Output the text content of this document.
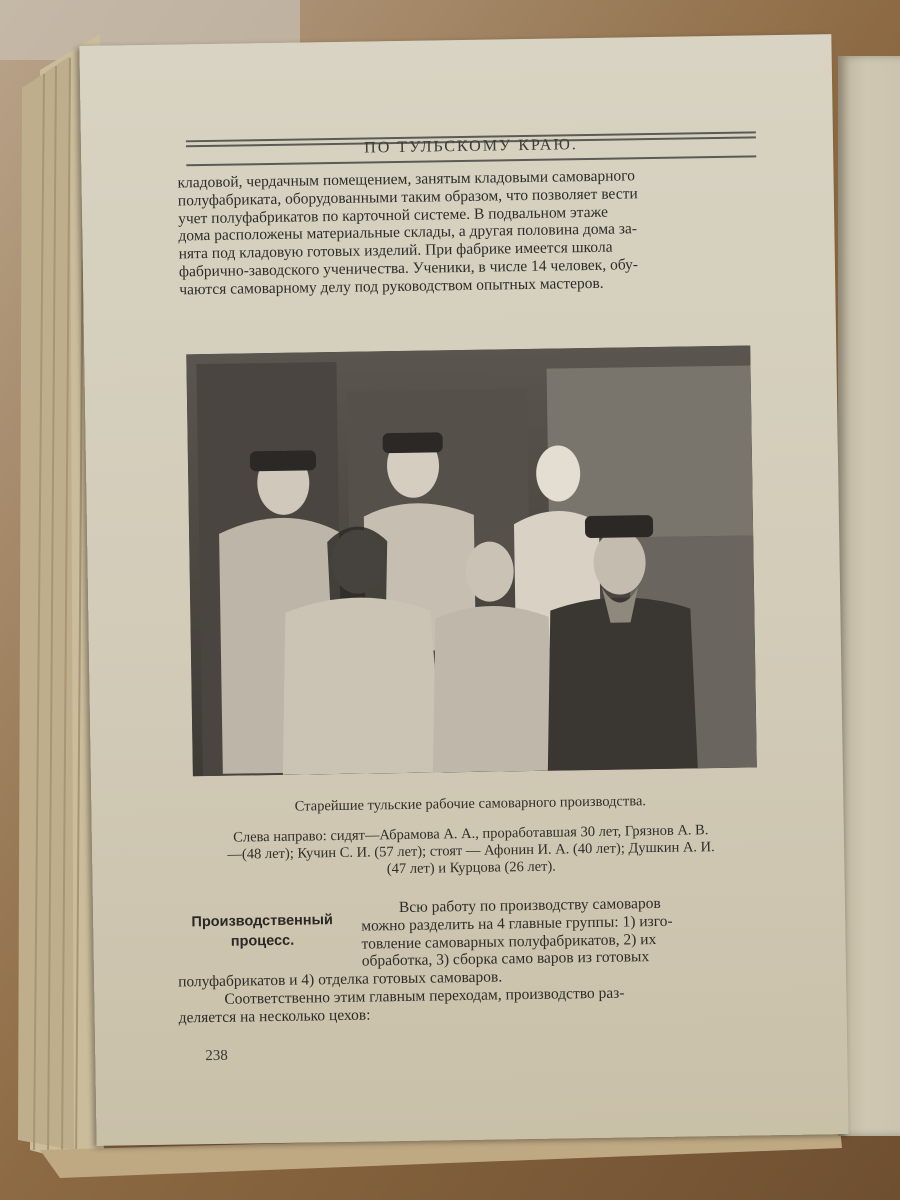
ПО ТУЛЬСКОМУ КРАЮ.
кладовой, чердачным помещением, занятым кладовыми самоварного
полуфабриката, оборудованными таким образом, что позволяет вести
учет полуфабрикатов по карточной системе. В подвальном этаже
дома расположены материальные склады, а другая половина дома за-
нята под кладовую готовых изделий. При фабрике имеется школа
фабрично-заводского ученичества. Ученики, в числе 14 человек, обу-
чаются самоварному делу под руководством опытных мастеров.
Старейшие тульские рабочие самоварного производства.
Слева направо: сидят—Абрамова А. А., проработавшая 30 лет, Грязнов А. В.
—(48 лет); Кучин С. И. (57 лет); стоят — Афонин И. А. (40 лет); Душкин А. И.
(47 лет) и Курцова (26 лет).
Производственный
процесс.
Всю работу по производству самоваров
можно разделить на 4 главные группы: 1) изго-
товление самоварных полуфабрикатов, 2) их
обработка, 3) сборка само варов из готовых
полуфабрикатов и 4) отделка готовых самоваров.
Соответственно этим главным переходам, производство раз-
деляется на несколько цехов:
238
